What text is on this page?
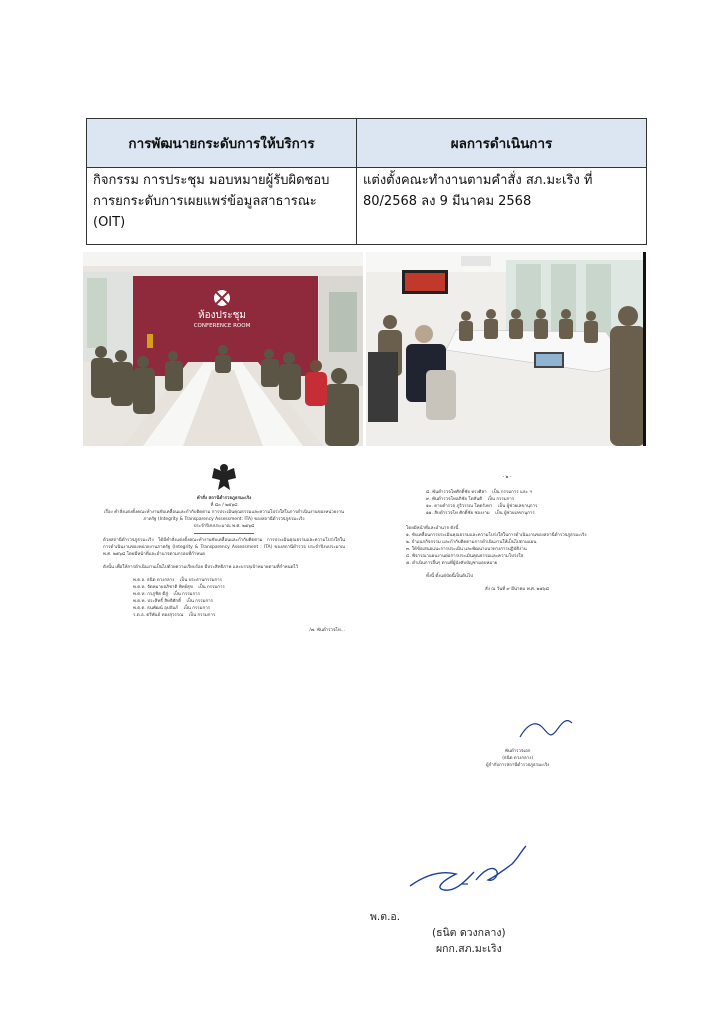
การพัฒนายกระดับการให้บริการ	ผลการดำเนินการ
กิจกรรม การประชุม มอบหมายผู้รับผิดชอบการยกระดับการเผยแพร่ข้อมูลสาธารณะ (OIT)	แต่งตั้งคณะทำงานตามคำสั่ง สภ.มะเริง ที่ 80/2568 ลง 9 มีนาคม 2568
ห้องประชุม
CONFERENCE ROOM
คำสั่ง สถานีตำรวจภูธรมะเริง
ที่ ๘๐ / ๒๕๖๘
เรื่อง คำสั่งแต่งตั้งคณะทำงานขับเคลื่อนและกำกับติดตาม การประเมินคุณธรรมและความโปร่งใสในการดำเนินงานของหน่วยงานภาครัฐ (Integrity & Transparency Assessment: ITA) ของสถานีตำรวจภูธรมะเริง
ประจำปีงบประมาณ พ.ศ. ๒๕๖๘

ด้วยสถานีตำรวจภูธรมะเริง ได้มีคำสั่งแต่งตั้งคณะทำงานขับเคลื่อนและกำกับติดตาม การประเมินคุณธรรมและความโปร่งใสในการดำเนินงานของหน่วยงานภาครัฐ (Integrity & Transparency Assessment : ITA) ของสถานีตำรวจ ประจำปีงบประมาณ พ.ศ. ๒๕๖๘ โดยมีหน้าที่และอำนาจตามกรอบที่กำหนด

ดังนั้น เพื่อให้การดำเนินงานเป็นไปด้วยความเรียบร้อย มีประสิทธิภาพ และบรรลุเป้าหมายตามที่กำหนดไว้

พ.ต.อ. ธนิต ดวงกลาง เป็น ประธานกรรมการ
พ.ต.ท. จัดหมายอภิชาติ พิทย์สุข เป็น กรรมการ
พ.ต.ท. กรภูชิต ดีสู่ เป็น กรรมการ
พ.ต.ท. ประสิทธิ์ สิทธิศักดิ์ เป็น กรรมการ
พ.ต.ต. ธนพัฒน์ อุปถัมภ์ เป็น กรรมการ
ร.ต.อ. ตรีพันธ์ ทองสุวรรณ เป็น กรรมการ
/๗. พันตำรวจโท...
- ๒ -
๘. พันตำรวจโทศักดิ์ชัย ทรงศิลา เป็น กรรมการ และ ฯ
๙. พันตำรวจโทอภิชัย โตสันติ เป็น กรรมการ
๑๐. ดาบตำรวจ ภูริวรรณ โคตรังทา เป็น ผู้ช่วยเลขานุการ
๑๑. สิบตำรวจโท ศักดิ์ชัย ชองงาม เป็น ผู้ช่วยเลขานุการ
โดยมีหน้าที่และอำนาจ ดังนี้

๑. ขับเคลื่อนการประเมินคุณธรรมและความโปร่งใสในการดำเนินงานของสถานีตำรวจภูธรมะเริง

๒. จำแนกกิจกรรม และกำกับติดตามการดำเนินงานให้เป็นไปตามแผน

๓. ให้ข้อเสนอแนะการประเมิน และพัฒนาแนวทางการปฏิบัติงาน

๔. พิจารณาแผนงานต่อการประเมินคุณธรรมและความโปร่งใส

๕. ดำเนินการอื่นๆ ตามที่ผู้บังคับบัญชามอบหมาย

ทั้งนี้ ตั้งแต่บัดนี้เป็นต้นไป

สั่ง ณ วันที่ ๙ มีนาคม พ.ศ. ๒๕๖๘
พันตำรวจเอก
(ธนิต ดวงกลาง)
ผู้กำกับการสถานีตำรวจภูธรมะเริง
พ.ต.อ.
(ธนิต ดวงกลาง)
ผกก.สภ.มะเริง
